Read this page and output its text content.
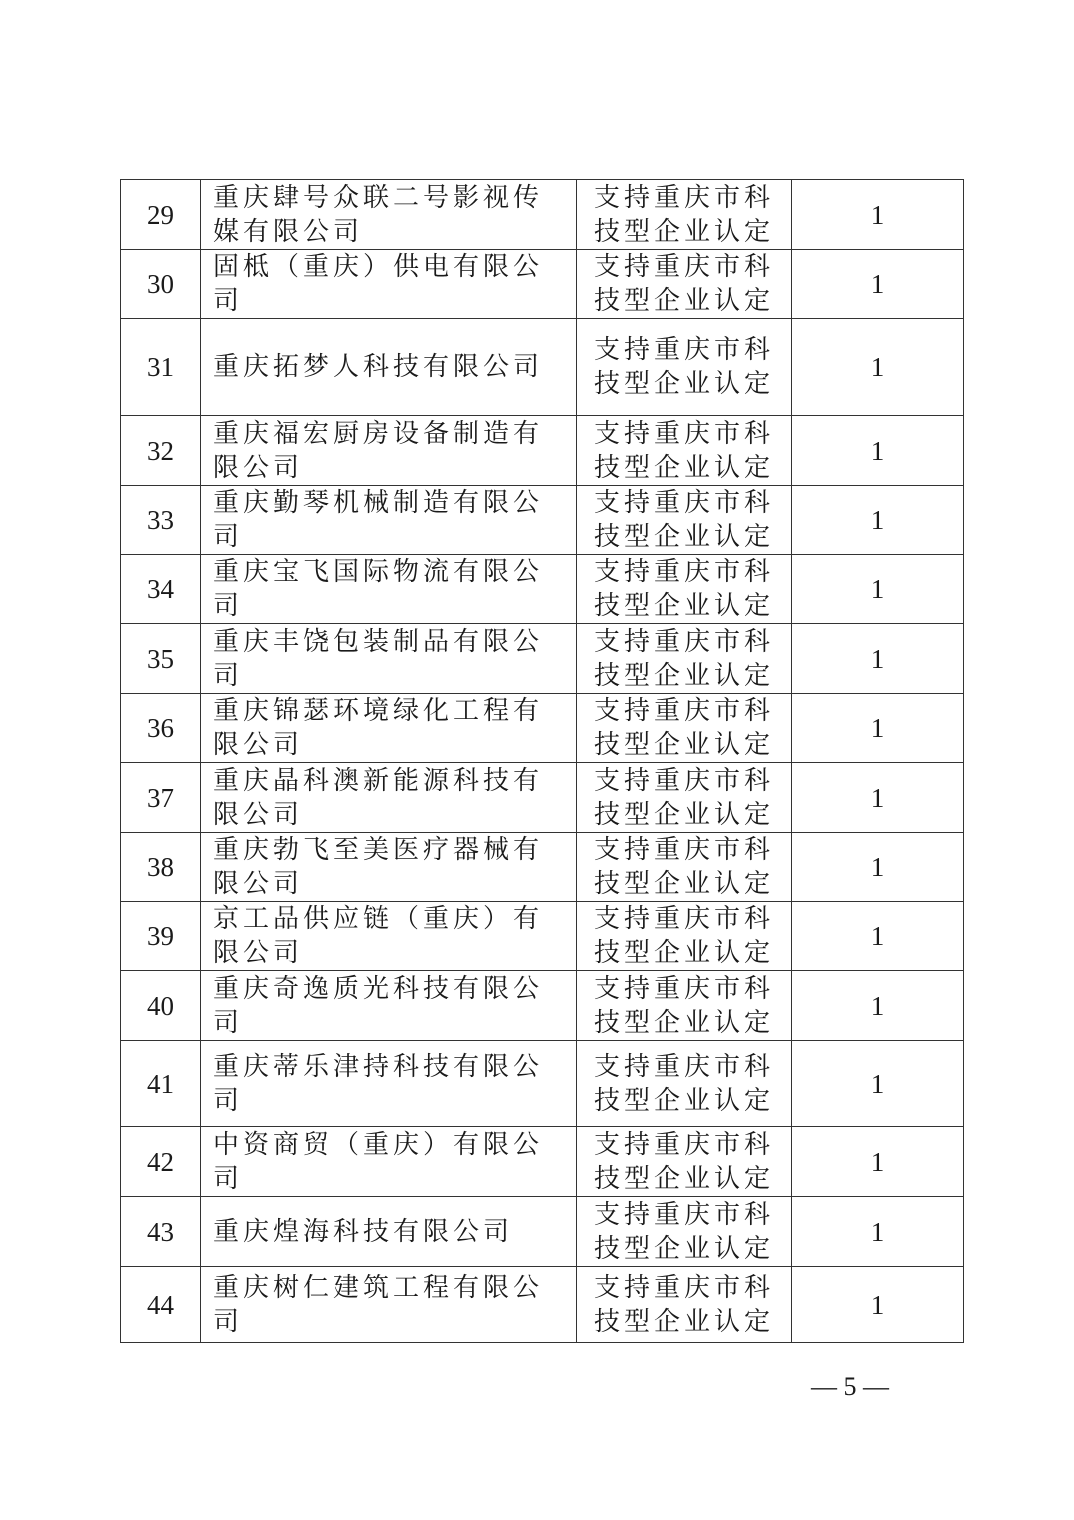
29	重庆肆号众联二号影视传媒有限公司	支持重庆市科
技型企业认定	1
30	固柢（重庆）供电有限公司	支持重庆市科
技型企业认定	1
31	重庆拓梦人科技有限公司	支持重庆市科
技型企业认定	1
32	重庆福宏厨房设备制造有限公司	支持重庆市科
技型企业认定	1
33	重庆勤琴机械制造有限公司	支持重庆市科
技型企业认定	1
34	重庆宝飞国际物流有限公司	支持重庆市科
技型企业认定	1
35	重庆丰饶包装制品有限公司	支持重庆市科
技型企业认定	1
36	重庆锦瑟环境绿化工程有限公司	支持重庆市科
技型企业认定	1
37	重庆晶科澳新能源科技有限公司	支持重庆市科
技型企业认定	1
38	重庆勃飞至美医疗器械有限公司	支持重庆市科
技型企业认定	1
39	京工品供应链（重庆）有限公司	支持重庆市科
技型企业认定	1
40	重庆奇逸质光科技有限公司	支持重庆市科
技型企业认定	1
41	重庆蒂乐津持科技有限公司	支持重庆市科
技型企业认定	1
42	中资商贸（重庆）有限公司	支持重庆市科
技型企业认定	1
43	重庆煌海科技有限公司	支持重庆市科
技型企业认定	1
44	重庆树仁建筑工程有限公司	支持重庆市科
技型企业认定	1
— 5 —
